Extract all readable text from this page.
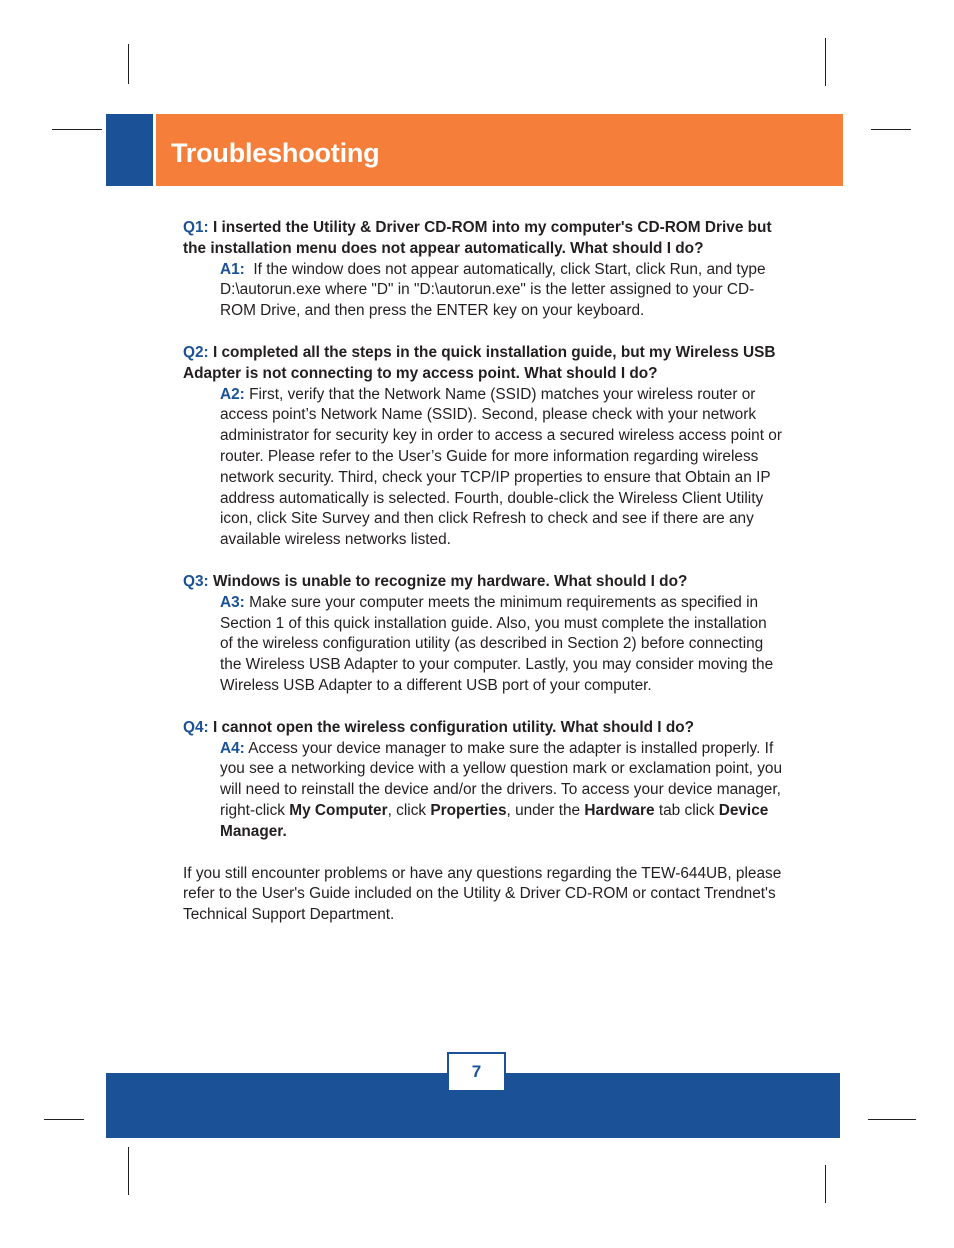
Troubleshooting
Q1: I inserted the Utility & Driver CD-ROM into my computer's CD-ROM Drive but the installation menu does not appear automatically. What should I do?
A1: If the window does not appear automatically, click Start, click Run, and type D:\autorun.exe where "D" in "D:\autorun.exe" is the letter assigned to your CD-ROM Drive, and then press the ENTER key on your keyboard.
Q2: I completed all the steps in the quick installation guide, but my Wireless USB Adapter is not connecting to my access point. What should I do?
A2: First, verify that the Network Name (SSID) matches your wireless router or access point’s Network Name (SSID). Second, please check with your network administrator for security key in order to access a secured wireless access point or router. Please refer to the User’s Guide for more information regarding wireless network security. Third, check your TCP/IP properties to ensure that Obtain an IP address automatically is selected. Fourth, double-click the Wireless Client Utility icon, click Site Survey and then click Refresh to check and see if there are any available wireless networks listed.
Q3: Windows is unable to recognize my hardware. What should I do?
A3: Make sure your computer meets the minimum requirements as specified in Section 1 of this quick installation guide. Also, you must complete the installation of the wireless configuration utility (as described in Section 2) before connecting the Wireless USB Adapter to your computer. Lastly, you may consider moving the Wireless USB Adapter to a different USB port of your computer.
Q4: I cannot open the wireless configuration utility. What should I do?
A4: Access your device manager to make sure the adapter is installed properly. If you see a networking device with a yellow question mark or exclamation point, you will need to reinstall the device and/or the drivers. To access your device manager, right-click My Computer, click Properties, under the Hardware tab click Device Manager.
If you still encounter problems or have any questions regarding the TEW-644UB, please refer to the User's Guide included on the Utility & Driver CD-ROM or contact Trendnet's Technical Support Department.
7
